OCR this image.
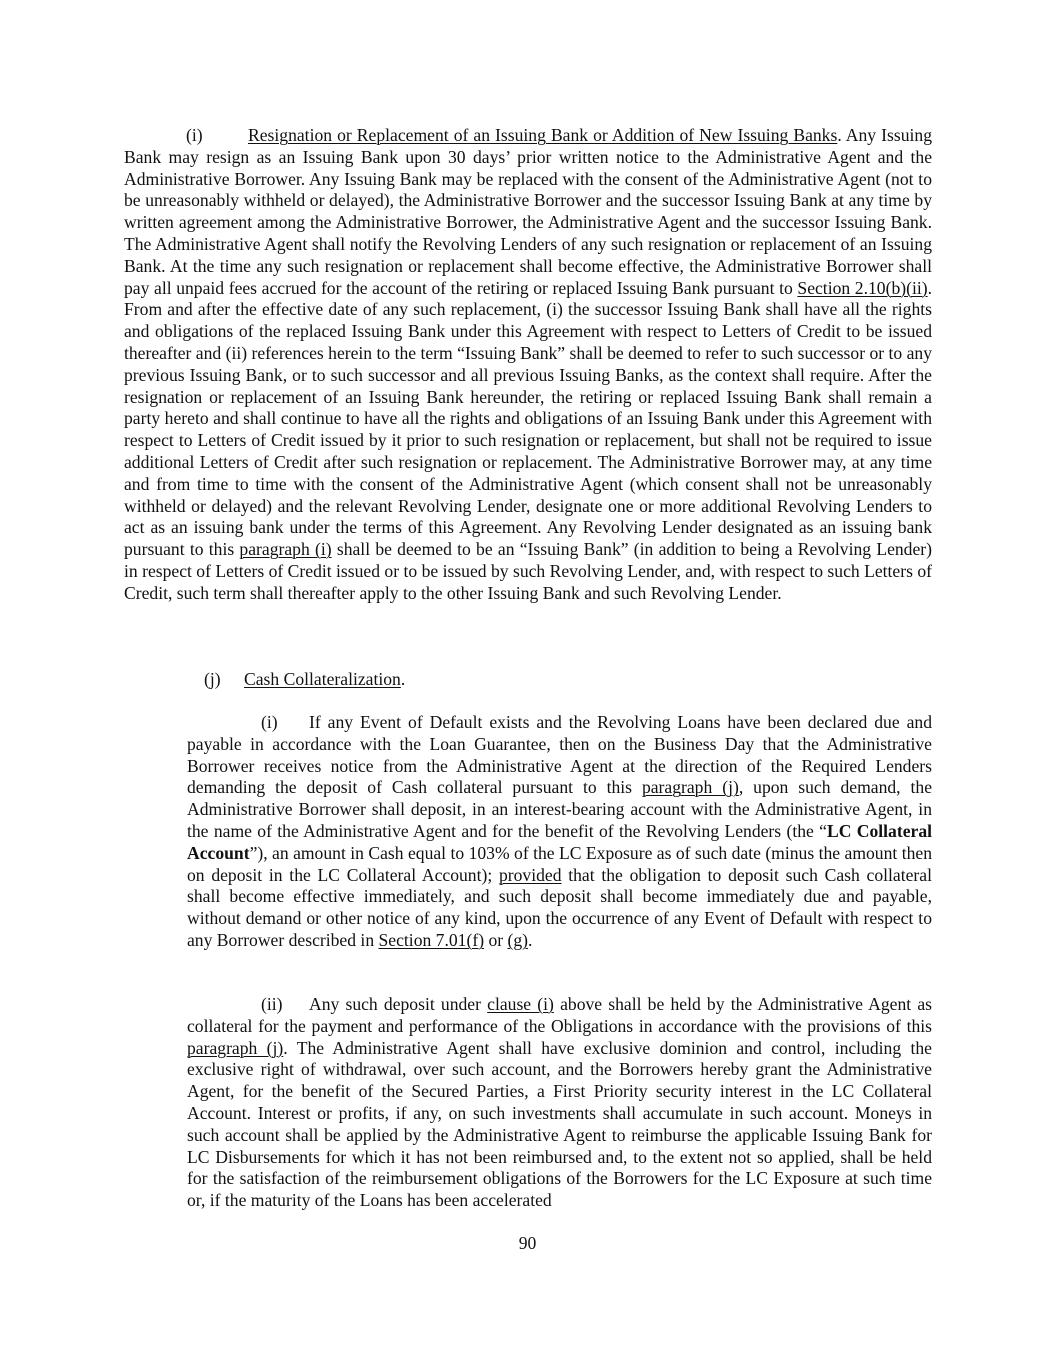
(i)	Resignation or Replacement of an Issuing Bank or Addition of New Issuing Banks. Any Issuing Bank may resign as an Issuing Bank upon 30 days’ prior written notice to the Administrative Agent and the Administrative Borrower. Any Issuing Bank may be replaced with the consent of the Administrative Agent (not to be unreasonably withheld or delayed), the Administrative Borrower and the successor Issuing Bank at any time by written agreement among the Administrative Borrower, the Administrative Agent and the successor Issuing Bank. The Administrative Agent shall notify the Revolving Lenders of any such resignation or replacement of an Issuing Bank. At the time any such resignation or replacement shall become effective, the Administrative Borrower shall pay all unpaid fees accrued for the account of the retiring or replaced Issuing Bank pursuant to Section 2.10(b)(ii). From and after the effective date of any such replacement, (i) the successor Issuing Bank shall have all the rights and obligations of the replaced Issuing Bank under this Agreement with respect to Letters of Credit to be issued thereafter and (ii) references herein to the term “Issuing Bank” shall be deemed to refer to such successor or to any previous Issuing Bank, or to such successor and all previous Issuing Banks, as the context shall require. After the resignation or replacement of an Issuing Bank hereunder, the retiring or replaced Issuing Bank shall remain a party hereto and shall continue to have all the rights and obligations of an Issuing Bank under this Agreement with respect to Letters of Credit issued by it prior to such resignation or replacement, but shall not be required to issue additional Letters of Credit after such resignation or replacement. The Administrative Borrower may, at any time and from time to time with the consent of the Administrative Agent (which consent shall not be unreasonably withheld or delayed) and the relevant Revolving Lender, designate one or more additional Revolving Lenders to act as an issuing bank under the terms of this Agreement. Any Revolving Lender designated as an issuing bank pursuant to this paragraph (i) shall be deemed to be an “Issuing Bank” (in addition to being a Revolving Lender) in respect of Letters of Credit issued or to be issued by such Revolving Lender, and, with respect to such Letters of Credit, such term shall thereafter apply to the other Issuing Bank and such Revolving Lender.

(j) Cash Collateralization.

(i) If any Event of Default exists and the Revolving Loans have been declared due and payable in accordance with the Loan Guarantee, then on the Business Day that the Administrative Borrower receives notice from the Administrative Agent at the direction of the Required Lenders demanding the deposit of Cash collateral pursuant to this paragraph (j), upon such demand, the Administrative Borrower shall deposit, in an interest-bearing account with the Administrative Agent, in the name of the Administrative Agent and for the benefit of the Revolving Lenders (the “LC Collateral Account”), an amount in Cash equal to 103% of the LC Exposure as of such date (minus the amount then on deposit in the LC Collateral Account); provided that the obligation to deposit such Cash collateral shall become effective immediately, and such deposit shall become immediately due and payable, without demand or other notice of any kind, upon the occurrence of any Event of Default with respect to any Borrower described in Section 7.01(f) or (g).

(ii) Any such deposit under clause (i) above shall be held by the Administrative Agent as collateral for the payment and performance of the Obligations in accordance with the provisions of this paragraph (j). The Administrative Agent shall have exclusive dominion and control, including the exclusive right of withdrawal, over such account, and the Borrowers hereby grant the Administrative Agent, for the benefit of the Secured Parties, a First Priority security interest in the LC Collateral Account. Interest or profits, if any, on such investments shall accumulate in such account. Moneys in such account shall be applied by the Administrative Agent to reimburse the applicable Issuing Bank for LC Disbursements for which it has not been reimbursed and, to the extent not so applied, shall be held for the satisfaction of the reimbursement obligations of the Borrowers for the LC Exposure at such time or, if the maturity of the Loans has been accelerated

90
